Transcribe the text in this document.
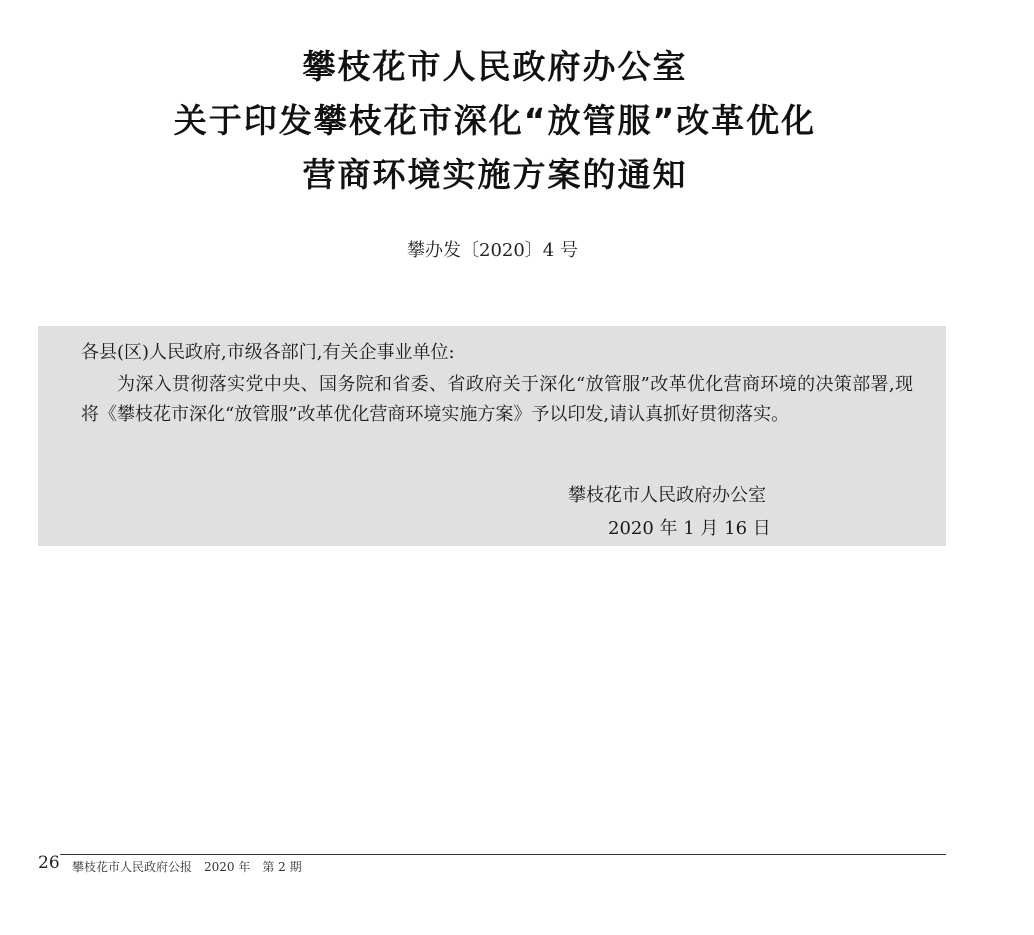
攀枝花市人民政府办公室
关于印发攀枝花市深化“放管服”改革优化
营商环境实施方案的通知
攀办发〔2020〕4 号
各县(区)人民政府,市级各部门,有关企事业单位:
为深入贯彻落实党中央、国务院和省委、省政府关于深化“放管服”改革优化营商环境的决策部署,现将《攀枝花市深化“放管服”改革优化营商环境实施方案》予以印发,请认真抓好贯彻落实。
攀枝花市人民政府办公室
2020 年 1 月 16 日
26 攀枝花市人民政府公报　2020 年　第 2 期
